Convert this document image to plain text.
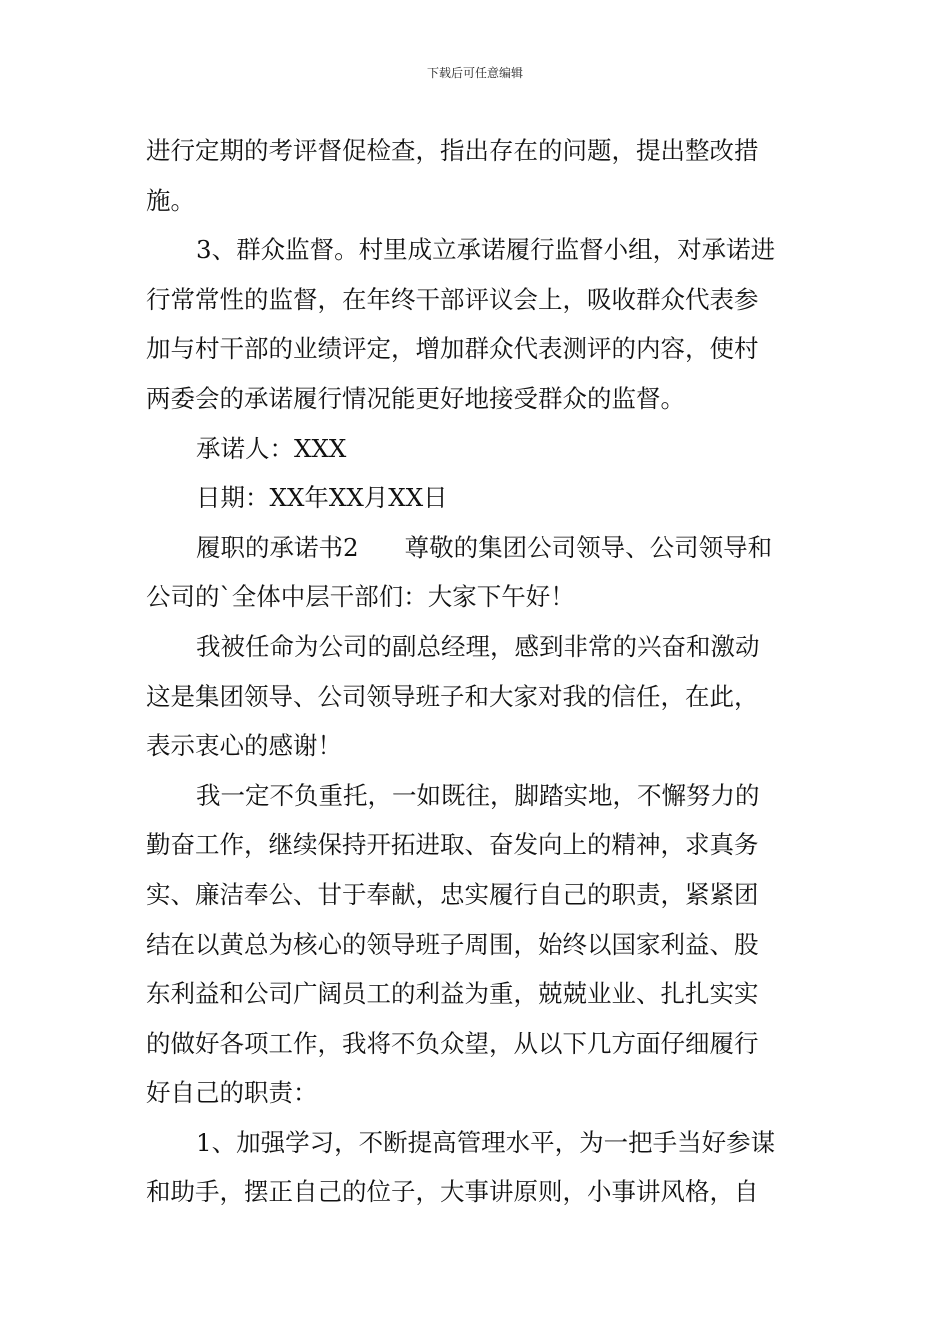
下载后可任意编辑
进行定期的考评督促检查，指出存在的问题，提出整改措
施。
3、群众监督。村里成立承诺履行监督小组，对承诺进
行常常性的监督，在年终干部评议会上，吸收群众代表参
加与村干部的业绩评定，增加群众代表测评的内容，使村
两委会的承诺履行情况能更好地接受群众的监督。
承诺人：XXX
日期：XX年XX月XX日
履职的承诺书2 尊敬的集团公司领导、公司领导和
公司的`全体中层干部们：大家下午好！
我被任命为公司的副总经理，感到非常的兴奋和激动
这是集团领导、公司领导班子和大家对我的信任，在此，
表示衷心的感谢！
我一定不负重托，一如既往，脚踏实地，不懈努力的
勤奋工作，继续保持开拓进取、奋发向上的精神，求真务
实、廉洁奉公、甘于奉献，忠实履行自己的职责，紧紧团
结在以黄总为核心的领导班子周围，始终以国家利益、股
东利益和公司广阔员工的利益为重，兢兢业业、扎扎实实
的做好各项工作，我将不负众望，从以下几方面仔细履行
好自己的职责：
1、加强学习，不断提高管理水平，为一把手当好参谋
和助手，摆正自己的位子，大事讲原则，小事讲风格，自
